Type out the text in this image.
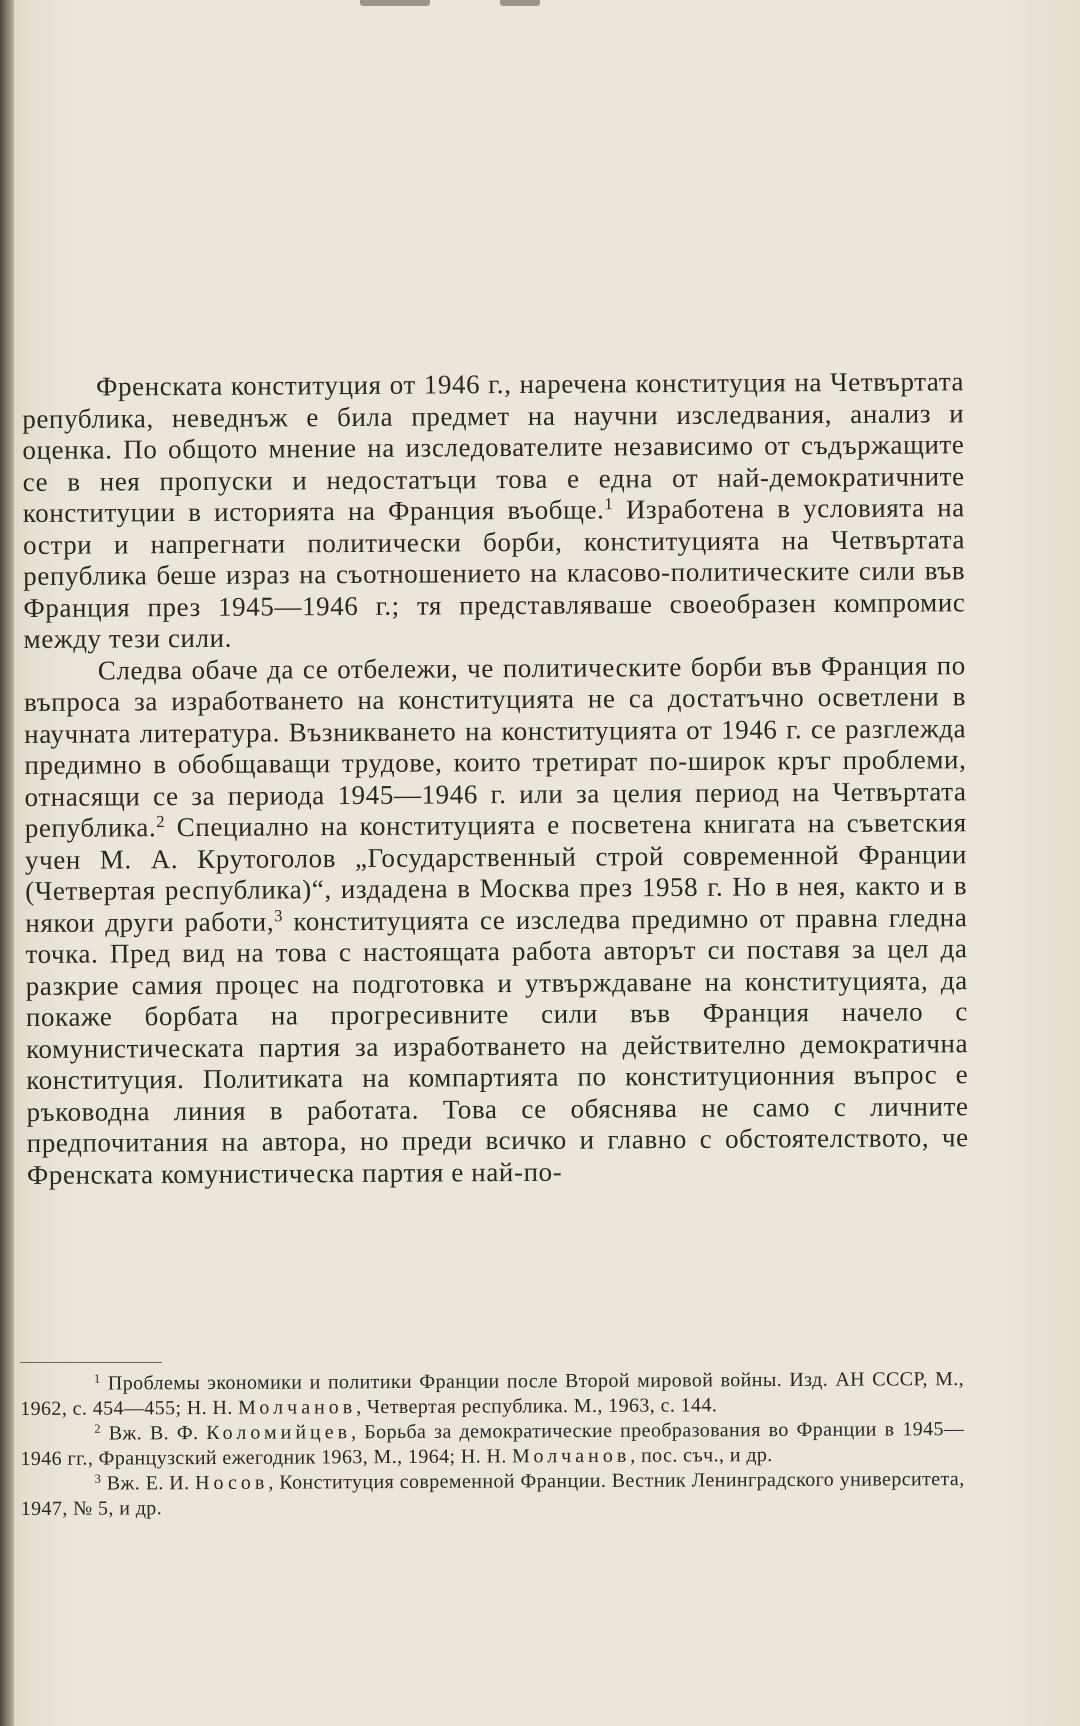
Френската конституция от 1946 г., наречена конституция на Четвъртата република, неведнъж е била предмет на научни изследвания, анализ и оценка. По общото мнение на изследователите независимо от съдържащите се в нея пропуски и недостатъци това е една от най-демократичните конституции в историята на Франция въобще.$^1$ Изработена в условията на остри и напрегнати политически борби, конституцията на Четвъртата република беше израз на съотношението на класово-политическите сили във Франция през 1945—1946 г.; тя представляваше своеобразен компромис между тези сили.

Следва обаче да се отбележи, че политическите борби във Франция по въпроса за изработването на конституцията не са достатъчно осветлени в научната литература. Възникването на конституцията от 1946 г. се разглежда предимно в обобщаващи трудове, които третират по-широк кръг проблеми, отнасящи се за периода 1945—1946 г. или за целия период на Четвъртата република.$^2$ Специално на конституцията е посветена книгата на съветския учен М. А. Крутоголов „Государственный строй современной Франции (Четвертая республика)“, издадена в Москва през 1958 г. Но в нея, както и в някои други работи,$^3$ конституцията се изследва предимно от правна гледна точка. Пред вид на това с настоящата работа авторът си поставя за цел да разкрие самия процес на подготовка и утвърждаване на конституцията, да покаже борбата на прогресивните сили във Франция начело с комунистическата партия за изработването на действително демократична конституция. Политиката на компартията по конституционния въпрос е ръководна линия в работата. Това се обяснява не само с личните предпочитания на автора, но преди всичко и главно с обстоятелството, че Френската комунистическа партия е най-по-

$^1$ Проблемы экономики и политики Франции после Второй мировой войны. Изд. АН СССР, М., 1962, с. 454—455; Н. Н. Молчанов, Четвертая республика. М., 1963, с. 144.

$^2$ Вж. В. Ф. Коломийцев, Борьба за демократические преобразования во Франции в 1945—1946 гг., Французский ежегодник 1963, М., 1964; Н. Н. Молчанов, пос. съч., и др.

$^3$ Вж. Е. И. Носов, Конституция современной Франции. Вестник Ленинградского университета, 1947, № 5, и др.
